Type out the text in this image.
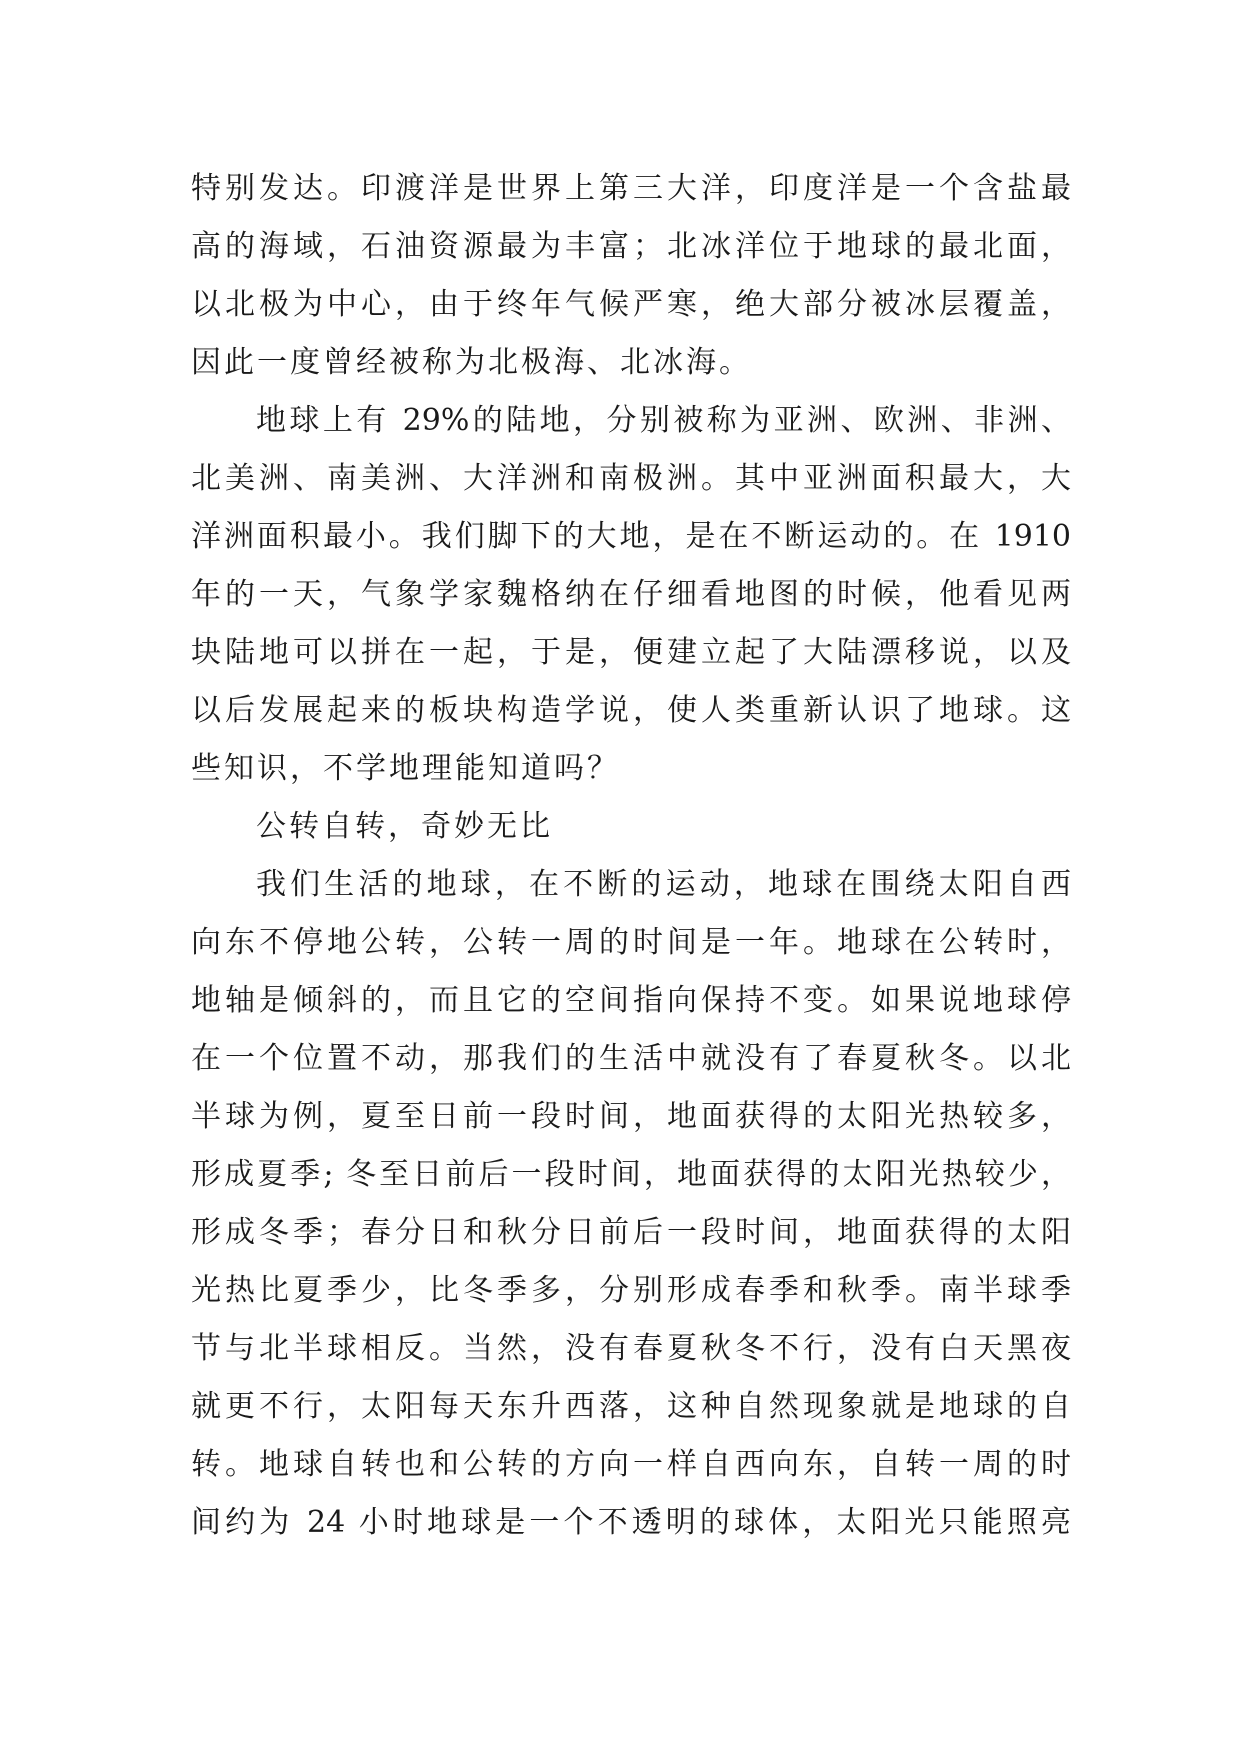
特别发达。印渡洋是世界上第三大洋，印度洋是一个含盐最
高的海域，石油资源最为丰富；北冰洋位于地球的最北面，
以北极为中心，由于终年气候严寒，绝大部分被冰层覆盖，
因此一度曾经被称为北极海、北冰海。
地球上有 29%的陆地，分别被称为亚洲、欧洲、非洲、
北美洲、南美洲、大洋洲和南极洲。其中亚洲面积最大，大
洋洲面积最小。我们脚下的大地，是在不断运动的。在 1910
年的一天，气象学家魏格纳在仔细看地图的时候，他看见两
块陆地可以拼在一起，于是，便建立起了大陆漂移说，以及
以后发展起来的板块构造学说，使人类重新认识了地球。这
些知识，不学地理能知道吗？
公转自转，奇妙无比
我们生活的地球，在不断的运动，地球在围绕太阳自西
向东不停地公转，公转一周的时间是一年。地球在公转时，
地轴是倾斜的，而且它的空间指向保持不变。如果说地球停
在一个位置不动，那我们的生活中就没有了春夏秋冬。以北
半球为例，夏至日前一段时间，地面获得的太阳光热较多，
形成夏季; 冬至日前后一段时间，地面获得的太阳光热较少，
形成冬季；春分日和秋分日前后一段时间，地面获得的太阳
光热比夏季少，比冬季多，分别形成春季和秋季。南半球季
节与北半球相反。当然，没有春夏秋冬不行，没有白天黑夜
就更不行，太阳每天东升西落，这种自然现象就是地球的自
转。地球自转也和公转的方向一样自西向东，自转一周的时
间约为 24 小时地球是一个不透明的球体，太阳光只能照亮
